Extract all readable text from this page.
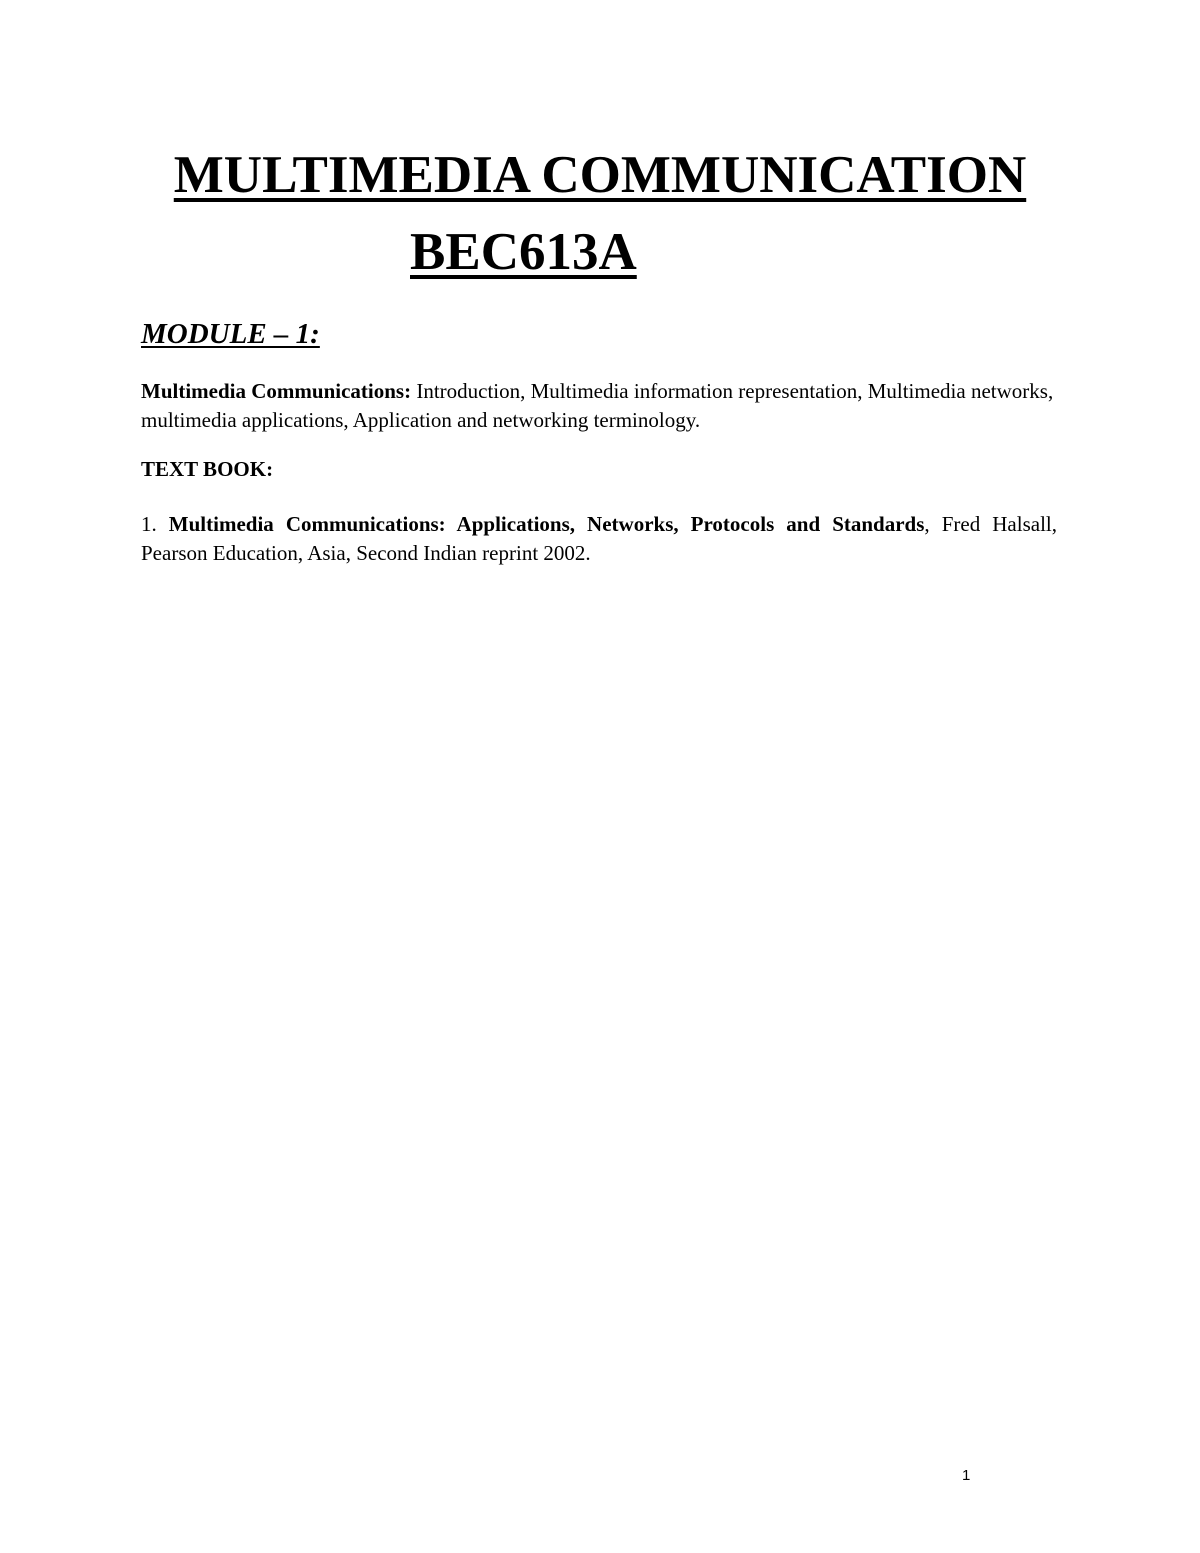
MULTIMEDIA COMMUNICATION
BEC613A
MODULE – 1:
Multimedia Communications: Introduction, Multimedia information representation, Multimedia networks, multimedia applications, Application and networking terminology.
TEXT BOOK:
1. Multimedia Communications: Applications, Networks, Protocols and Standards, Fred Halsall, Pearson Education, Asia, Second Indian reprint 2002.
1
